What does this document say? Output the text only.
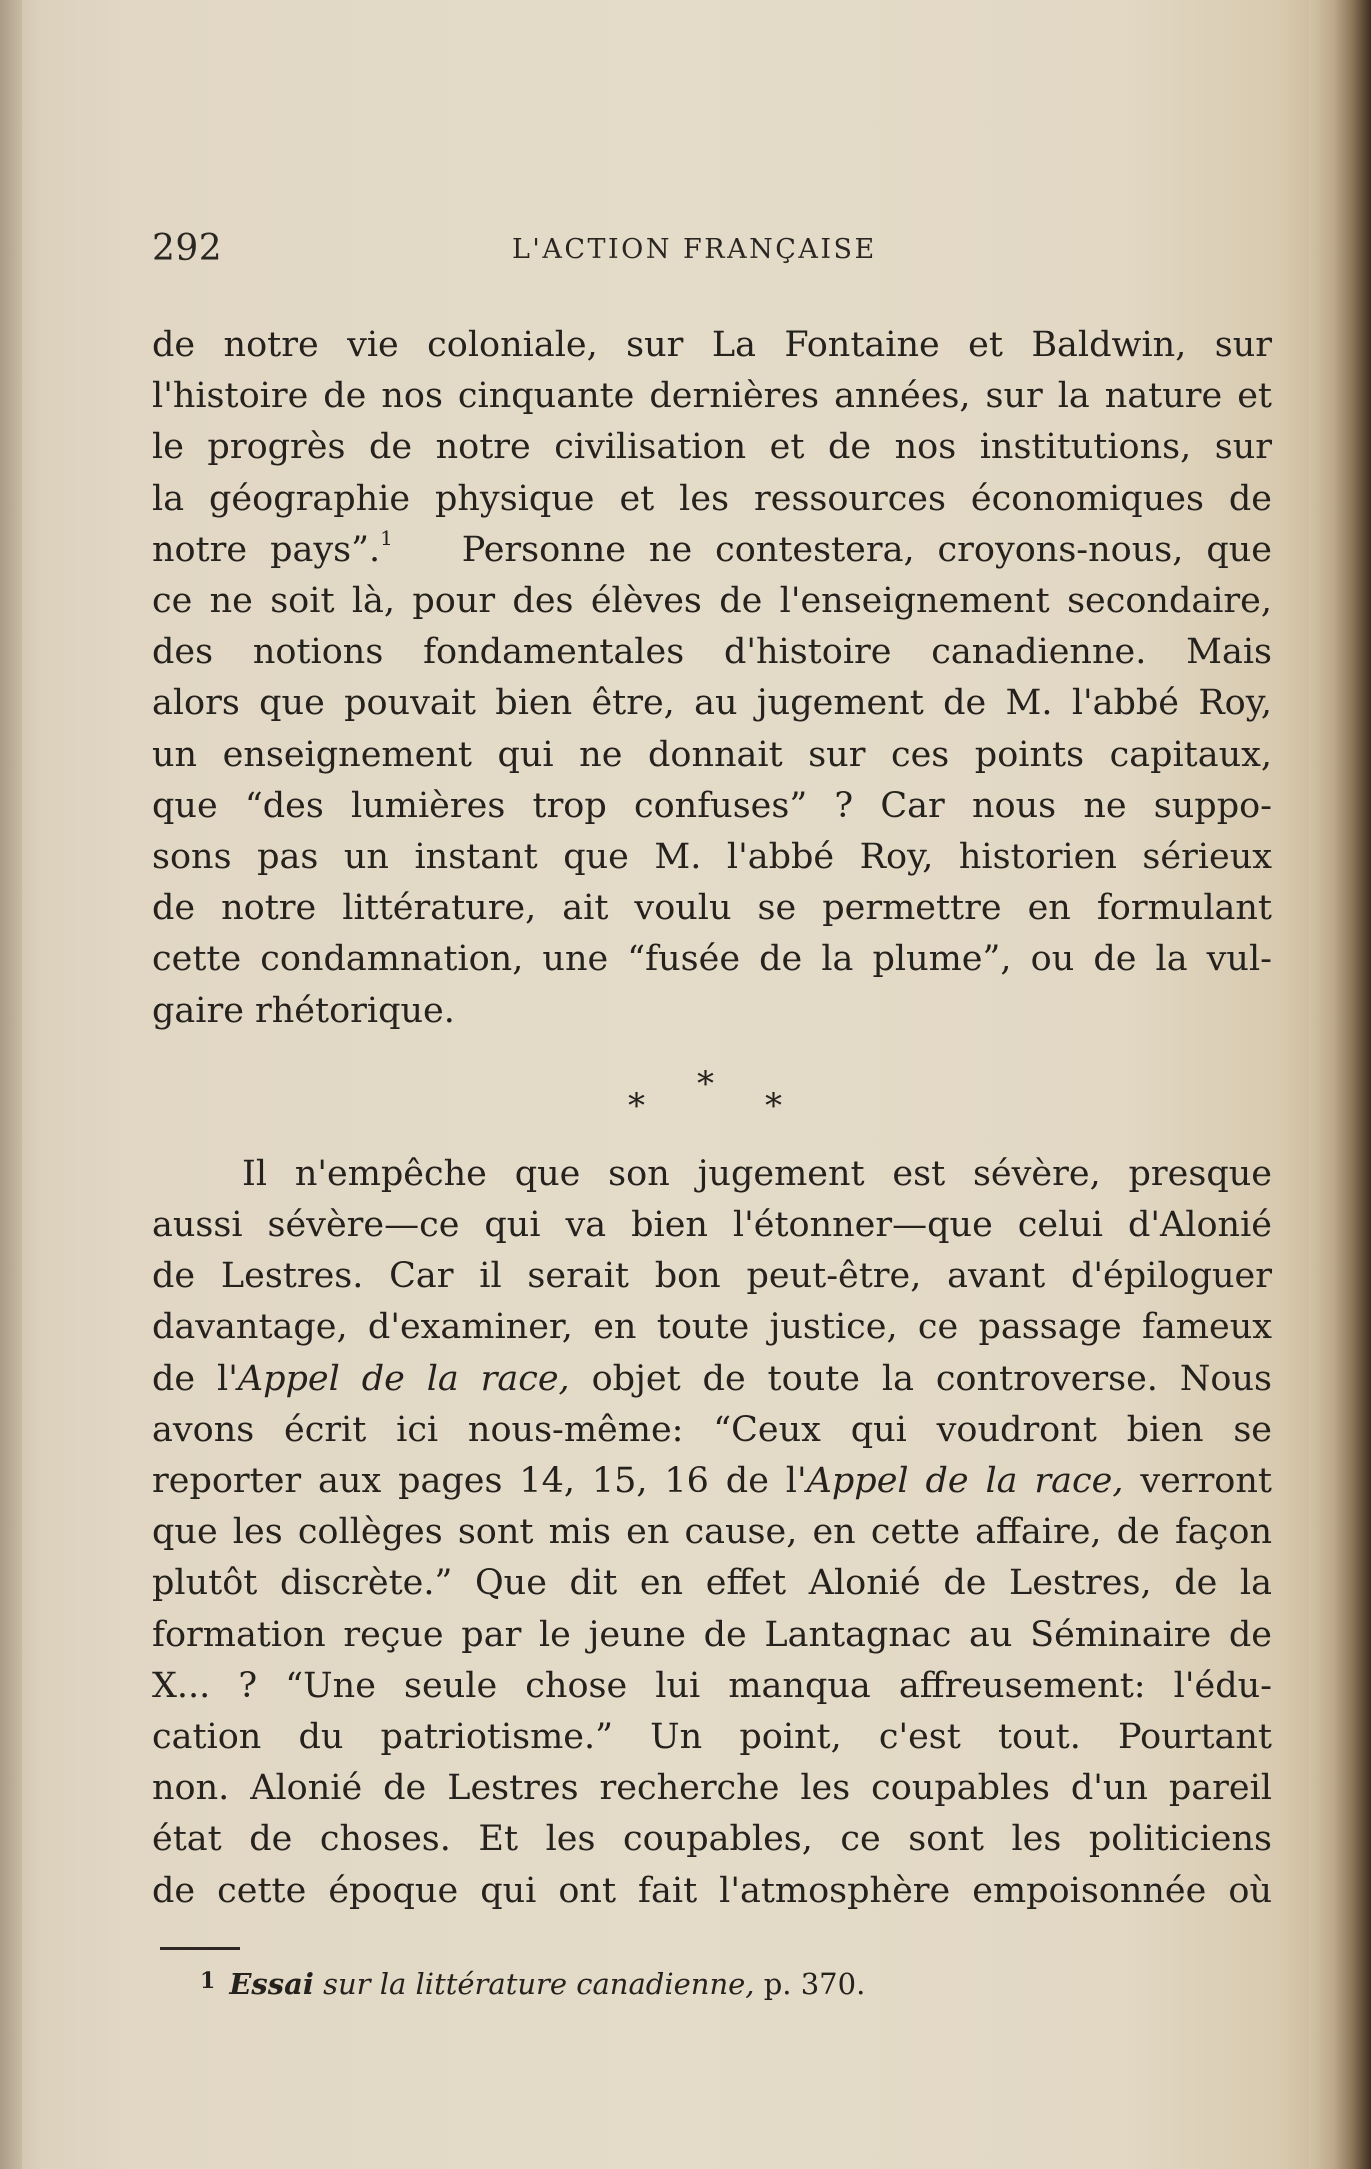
292	L'ACTION FRANÇAISE
de notre vie coloniale, sur La Fontaine et Baldwin, sur
l'histoire de nos cinquante dernières années, sur la nature et
le progrès de notre civilisation et de nos institutions, sur
la géographie physique et les ressources économiques de
notre pays”.$^1$ Personne ne contestera, croyons-nous, que
ce ne soit là, pour des élèves de l'enseignement secondaire,
des notions fondamentales d'histoire canadienne. Mais
alors que pouvait bien être, au jugement de M. l'abbé Roy,
un enseignement qui ne donnait sur ces points capitaux,
que “des lumières trop confuses” ? Car nous ne suppo-
sons pas un instant que M. l'abbé Roy, historien sérieux
de notre littérature, ait voulu se permettre en formulant
cette condamnation, une “fusée de la plume”, ou de la vul-
gaire rhétorique.
*
*
*
Il n'empêche que son jugement est sévère, presque
aussi sévère—ce qui va bien l'étonner—que celui d'Alonié
de Lestres. Car il serait bon peut-être, avant d'épiloguer
davantage, d'examiner, en toute justice, ce passage fameux
de l'Appel de la race, objet de toute la controverse. Nous
avons écrit ici nous-même: “Ceux qui voudront bien se
reporter aux pages 14, 15, 16 de l'Appel de la race, verront
que les collèges sont mis en cause, en cette affaire, de façon
plutôt discrète.” Que dit en effet Alonié de Lestres, de la
formation reçue par le jeune de Lantagnac au Séminaire de
X... ? “Une seule chose lui manqua affreusement: l'édu-
cation du patriotisme.” Un point, c'est tout. Pourtant
non. Alonié de Lestres recherche les coupables d'un pareil
état de choses. Et les coupables, ce sont les politiciens
de cette époque qui ont fait l'atmosphère empoisonnée où
$^1$ Essai sur la littérature canadienne, p. 370.
